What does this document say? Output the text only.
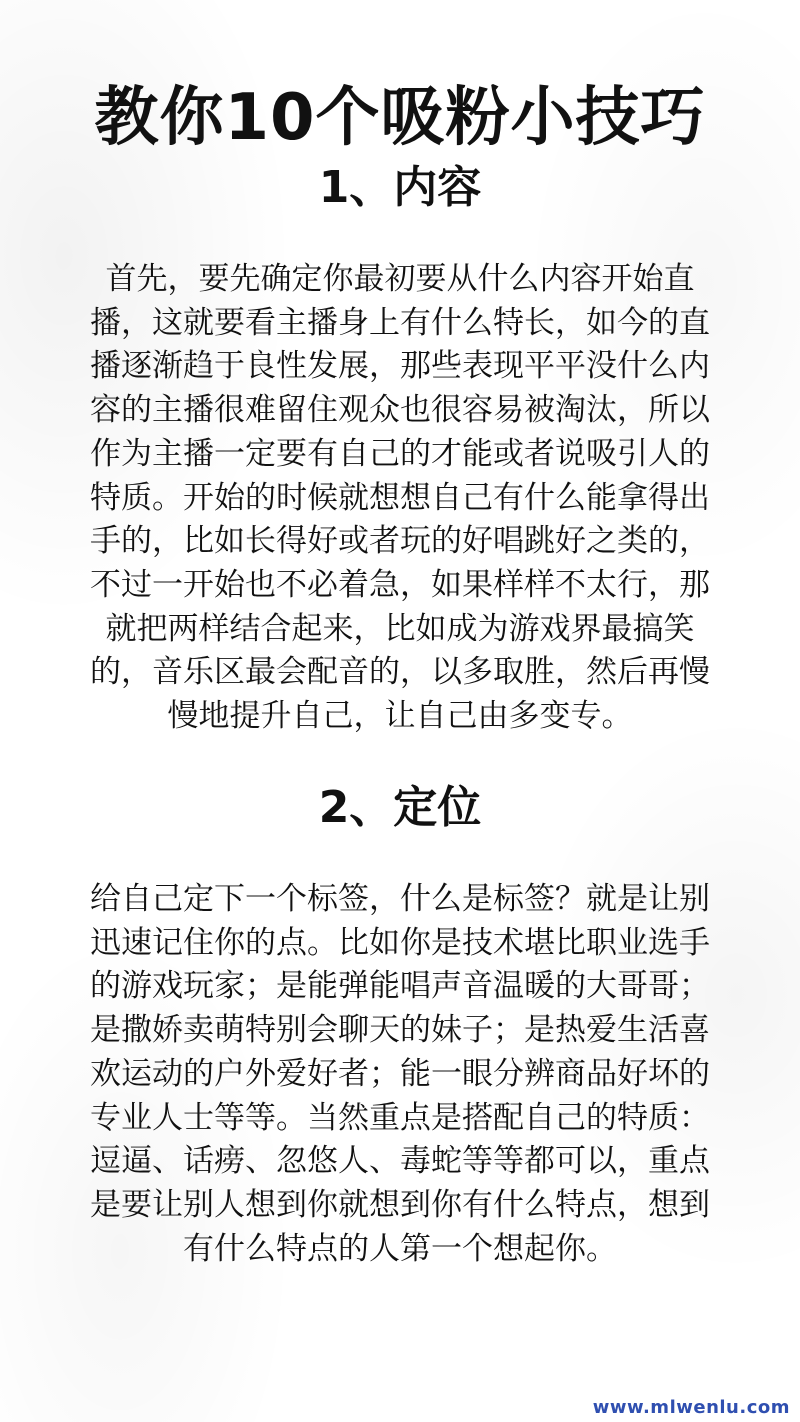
教你10个吸粉小技巧
1、内容
首先，要先确定你最初要从什么内容开始直
播，这就要看主播身上有什么特长，如今的直
播逐渐趋于良性发展，那些表现平平没什么内
容的主播很难留住观众也很容易被淘汰，所以
作为主播一定要有自己的才能或者说吸引人的
特质。开始的时候就想想自己有什么能拿得出
手的，比如长得好或者玩的好唱跳好之类的，
不过一开始也不必着急，如果样样不太行，那
就把两样结合起来，比如成为游戏界最搞笑
的，音乐区最会配音的，以多取胜，然后再慢
慢地提升自己，让自己由多变专。
2、定位
给自己定下一个标签，什么是标签？就是让别
迅速记住你的点。比如你是技术堪比职业选手
的游戏玩家；是能弹能唱声音温暖的大哥哥；
是撒娇卖萌特别会聊天的妹子；是热爱生活喜
欢运动的户外爱好者；能一眼分辨商品好坏的
专业人士等等。当然重点是搭配自己的特质：
逗逼、话痨、忽悠人、毒蛇等等都可以，重点
是要让别人想到你就想到你有什么特点，想到
有什么特点的人第一个想起你。
www.mlwenlu.com
